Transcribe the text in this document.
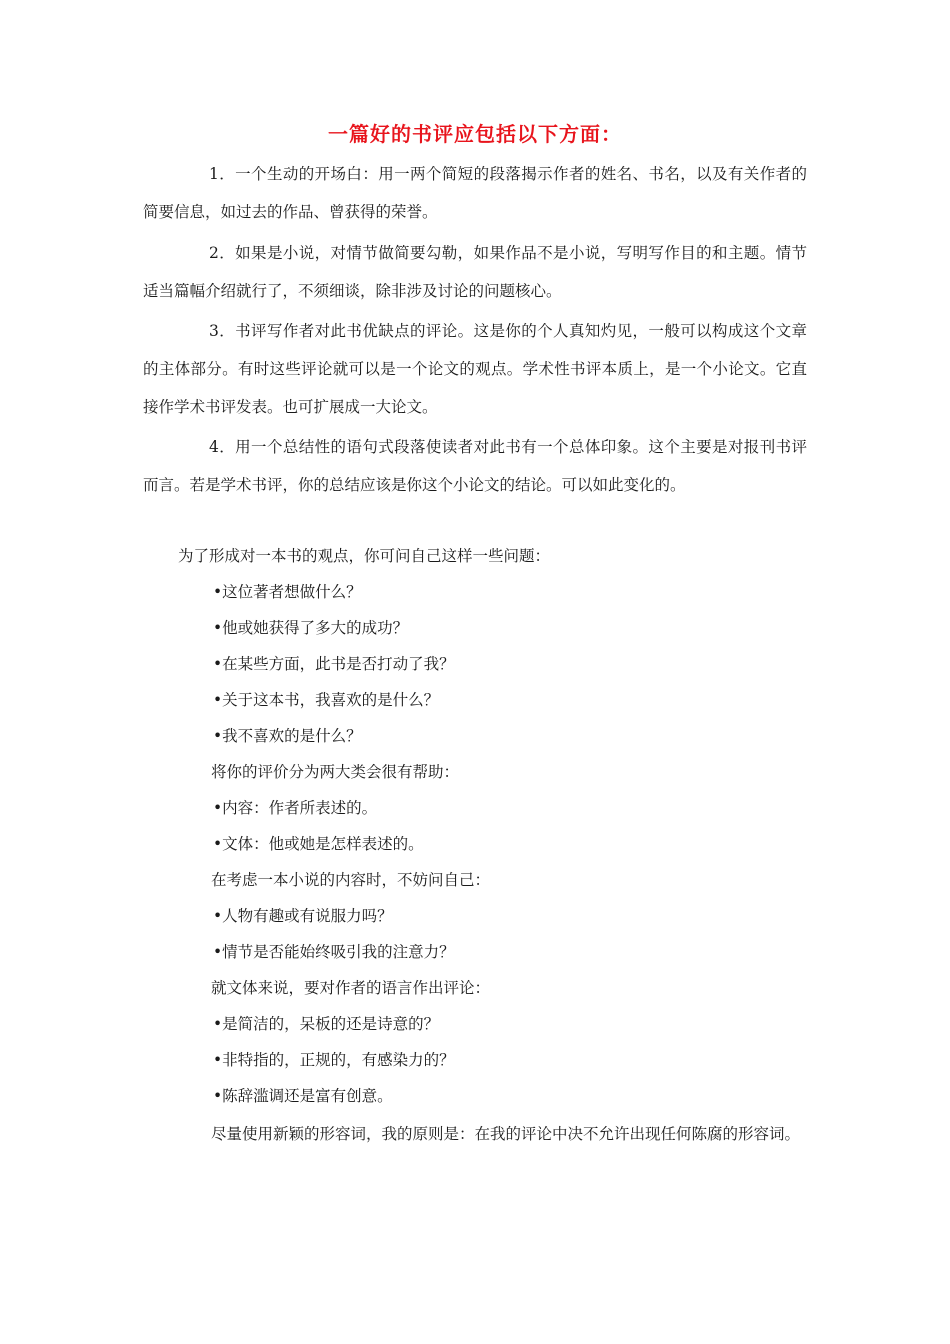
一篇好的书评应包括以下方面：

1．一个生动的开场白：用一两个简短的段落揭示作者的姓名、书名，以及有关作者的简要信息，如过去的作品、曾获得的荣誉。

2．如果是小说，对情节做简要勾勒，如果作品不是小说，写明写作目的和主题。情节适当篇幅介绍就行了，不须细谈，除非涉及讨论的问题核心。

3．书评写作者对此书优缺点的评论。这是你的个人真知灼见，一般可以构成这个文章的主体部分。有时这些评论就可以是一个论文的观点。学术性书评本质上，是一个小论文。它直接作学术书评发表。也可扩展成一大论文。

4．用一个总结性的语句式段落使读者对此书有一个总体印象。这个主要是对报刊书评而言。若是学术书评，你的总结应该是你这个小论文的结论。可以如此变化的。

为了形成对一本书的观点，你可问自己这样一些问题：

•这位著者想做什么？

•他或她获得了多大的成功？

•在某些方面，此书是否打动了我？

•关于这本书，我喜欢的是什么？

•我不喜欢的是什么？

将你的评价分为两大类会很有帮助：

•内容：作者所表述的。

•文体：他或她是怎样表述的。

在考虑一本小说的内容时，不妨问自己：

•人物有趣或有说服力吗？

•情节是否能始终吸引我的注意力？

就文体来说，要对作者的语言作出评论：

•是简洁的，呆板的还是诗意的？

•非特指的，正规的，有感染力的？

•陈辞滥调还是富有创意。

尽量使用新颖的形容词，我的原则是：在我的评论中决不允许出现任何陈腐的形容词。
